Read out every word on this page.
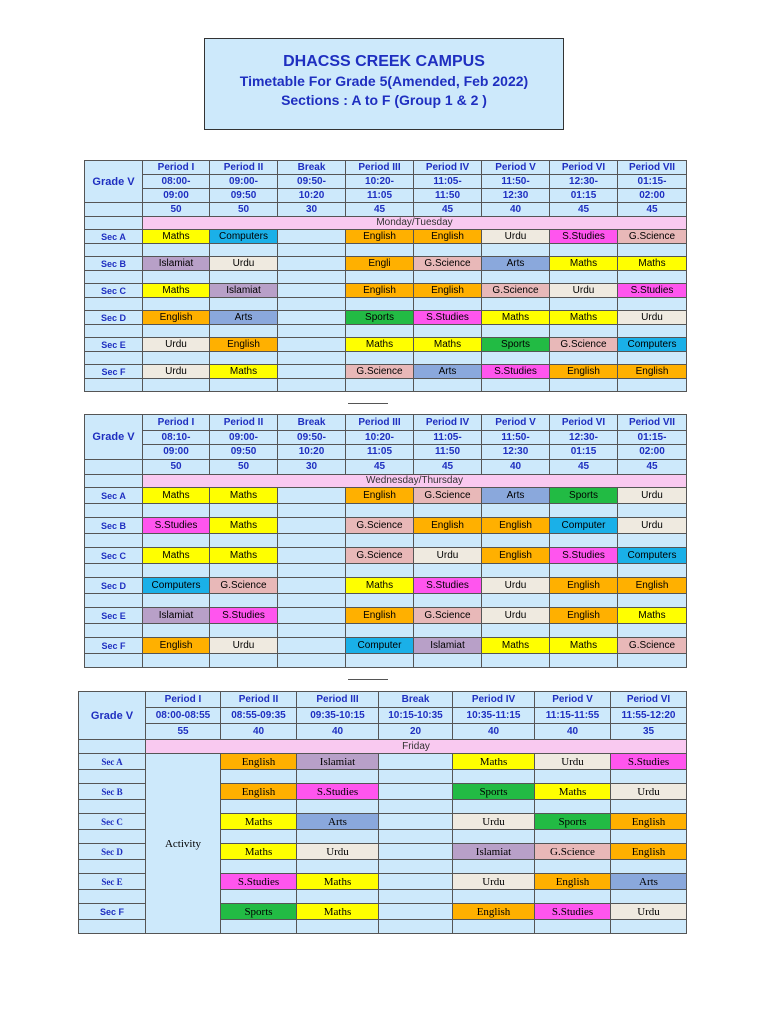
DHACSS CREEK CAMPUS
Timetable For Grade 5(Amended, Feb 2022)
Sections : A to F (Group 1 & 2 )
Grade V	Period I	Period II	Break	Period III	Period IV	Period V	Period VI	Period VII
	08:00-	09:00-	09:50-	10:20-	11:05-	11:50-	12:30-	01:15-
	09:00	09:50	10:20	11:05	11:50	12:30	01:15	02:00
	50	50	30	45	45	40	45	45
	Monday/Tuesday							
Sec A	Maths	Computers		English	English	Urdu	S.Studies	G.Science

Sec B	Islamiat	Urdu		Engli	G.Science	Arts	Maths	Maths

Sec C	Maths	Islamiat		English	English	G.Science	Urdu	S.Studies

Sec D	English	Arts		Sports	S.Studies	Maths	Maths	Urdu

Sec E	Urdu	English		Maths	Maths	Sports	G.Science	Computers

Sec F	Urdu	Maths		G.Science	Arts	S.Studies	English	English

Grade V	Period I	Period II	Break	Period III	Period IV	Period V	Period VI	Period VII
	08:10-	09:00-	09:50-	10:20-	11:05-	11:50-	12:30-	01:15-
	09:00	09:50	10:20	11:05	11:50	12:30	01:15	02:00
	50	50	30	45	45	40	45	45
	Wednesday/Thursday							
Sec A	Maths	Maths		English	G.Science	Arts	Sports	Urdu

Sec B	S.Studies	Maths		G.Science	English	English	Computer	Urdu

Sec C	Maths	Maths		G.Science	Urdu	English	S.Studies	Computers

Sec D	Computers	G.Science		Maths	S.Studies	Urdu	English	English

Sec E	Islamiat	S.Studies		English	G.Science	Urdu	English	Maths

Sec F	English	Urdu		Computer	Islamiat	Maths	Maths	G.Science

Grade V	Period I	Period II	Period III	Break	Period IV	Period V	Period VI
	08:00-08:55	08:55-09:35	09:35-10:15	10:15-10:35	10:35-11:15	11:15-11:55	11:55-12:20
	55	40	40	20	40	40	35
	Friday						
Sec A	Activity	English	Islamiat		Maths	Urdu	S.Studies

Sec B		English	S.Studies		Sports	Maths	Urdu

Sec C		Maths	Arts		Urdu	Sports	English

Sec D		Maths	Urdu		Islamiat	G.Science	English

Sec E		S.Studies	Maths		Urdu	English	Arts

Sec F		Sports	Maths		English	S.Studies	Urdu
